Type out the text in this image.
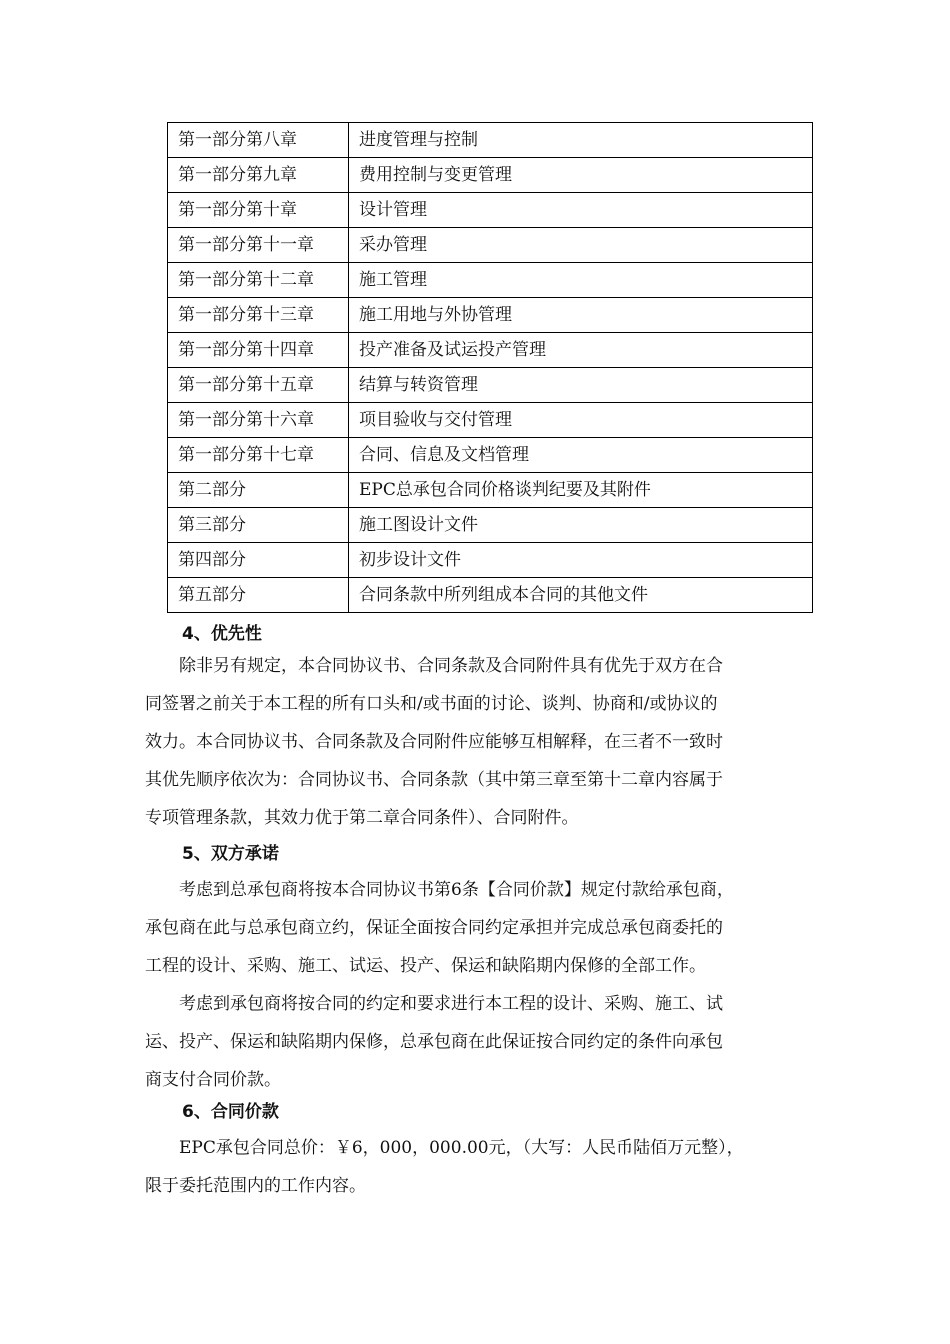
第一部分第八章	进度管理与控制
第一部分第九章	费用控制与变更管理
第一部分第十章	设计管理
第一部分第十一章	采办管理
第一部分第十二章	施工管理
第一部分第十三章	施工用地与外协管理
第一部分第十四章	投产准备及试运投产管理
第一部分第十五章	结算与转资管理
第一部分第十六章	项目验收与交付管理
第一部分第十七章	合同、信息及文档管理
第二部分	EPC总承包合同价格谈判纪要及其附件
第三部分	施工图设计文件
第四部分	初步设计文件
第五部分	合同条款中所列组成本合同的其他文件
4、优先性
　　除非另有规定，本合同协议书、合同条款及合同附件具有优先于双方在合
同签署之前关于本工程的所有口头和/或书面的讨论、谈判、协商和/或协议的
效力。本合同协议书、合同条款及合同附件应能够互相解释，在三者不一致时
其优先顺序依次为：合同协议书、合同条款（其中第三章至第十二章内容属于
专项管理条款，其效力优于第二章合同条件）、合同附件。
5、双方承诺
　　考虑到总承包商将按本合同协议书第6条【合同价款】规定付款给承包商，
承包商在此与总承包商立约，保证全面按合同约定承担并完成总承包商委托的
工程的设计、采购、施工、试运、投产、保运和缺陷期内保修的全部工作。
　　考虑到承包商将按合同的约定和要求进行本工程的设计、采购、施工、试
运、投产、保运和缺陷期内保修，总承包商在此保证按合同约定的条件向承包
商支付合同价款。
6、合同价款
　　EPC承包合同总价：￥6，000，000.00元，（大写：人民币陆佰万元整），
限于委托范围内的工作内容。
